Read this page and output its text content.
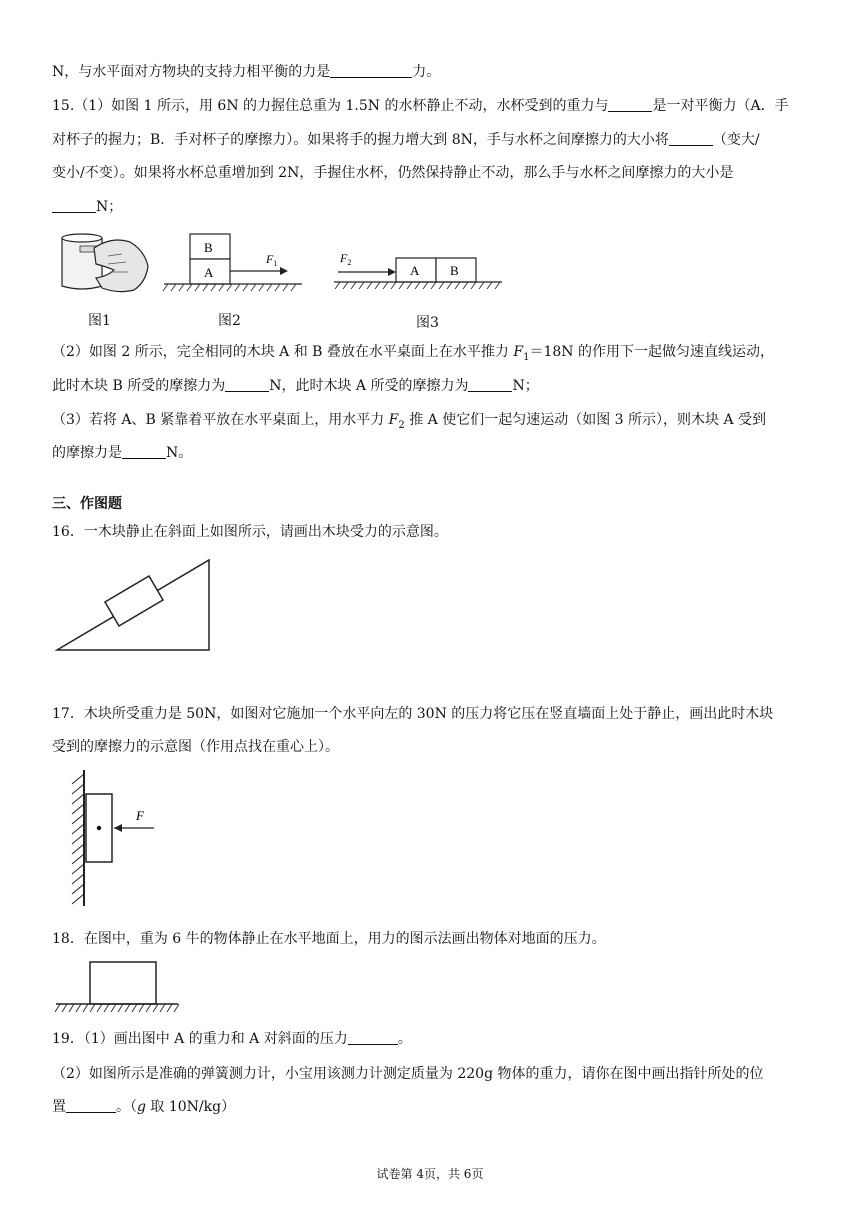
N，与水平面对方物块的支持力相平衡的力是	力。
15.（1）如图 1 所示，用 6N 的力握住总重为 1.5N 的水杯静止不动，水杯受到的重力与	是一对平衡力（A．手
对杯子的握力；B．手对杯子的摩擦力）。如果将手的握力增大到 8N，手与水杯之间摩擦力的大小将	（变大/
变小/不变）。如果将水杯总重增加到 2N，手握住水杯，仍然保持静止不动，那么手与水杯之间摩擦力的大小是
N；
图1
B
A
$F_1$
图2
$F_2$
A B
图3
（2）如图 2 所示，完全相同的木块 A 和 B 叠放在水平桌面上在水平推力 $F_1=18N$ 的作用下一起做匀速直线运动，
此时木块 B 所受的摩擦力为	N，此时木块 A 所受的摩擦力为	N；
（3）若将 A、B 紧靠着平放在水平桌面上，用水平力 $F_2$ 推 A 使它们一起匀速运动（如图 3 所示），则木块 A 受到
的摩擦力是	N。
三、作图题
16．一木块静止在斜面上如图所示，请画出木块受力的示意图。
17．木块所受重力是 50N，如图对它施加一个水平向左的 30N 的压力将它压在竖直墙面上处于静止，画出此时木块
受到的摩擦力的示意图（作用点找在重心上）。
F
18．在图中，重为 6 牛的物体静止在水平地面上，用力的图示法画出物体对地面的压力。
19．（1）画出图中 A 的重力和 A 对斜面的压力	。
（2）如图所示是准确的弹簧测力计，小宝用该测力计测定质量为 220g 物体的重力，请你在图中画出指针所处的位
置	。（g 取 10N/kg）
试卷第 4页，共 6页
